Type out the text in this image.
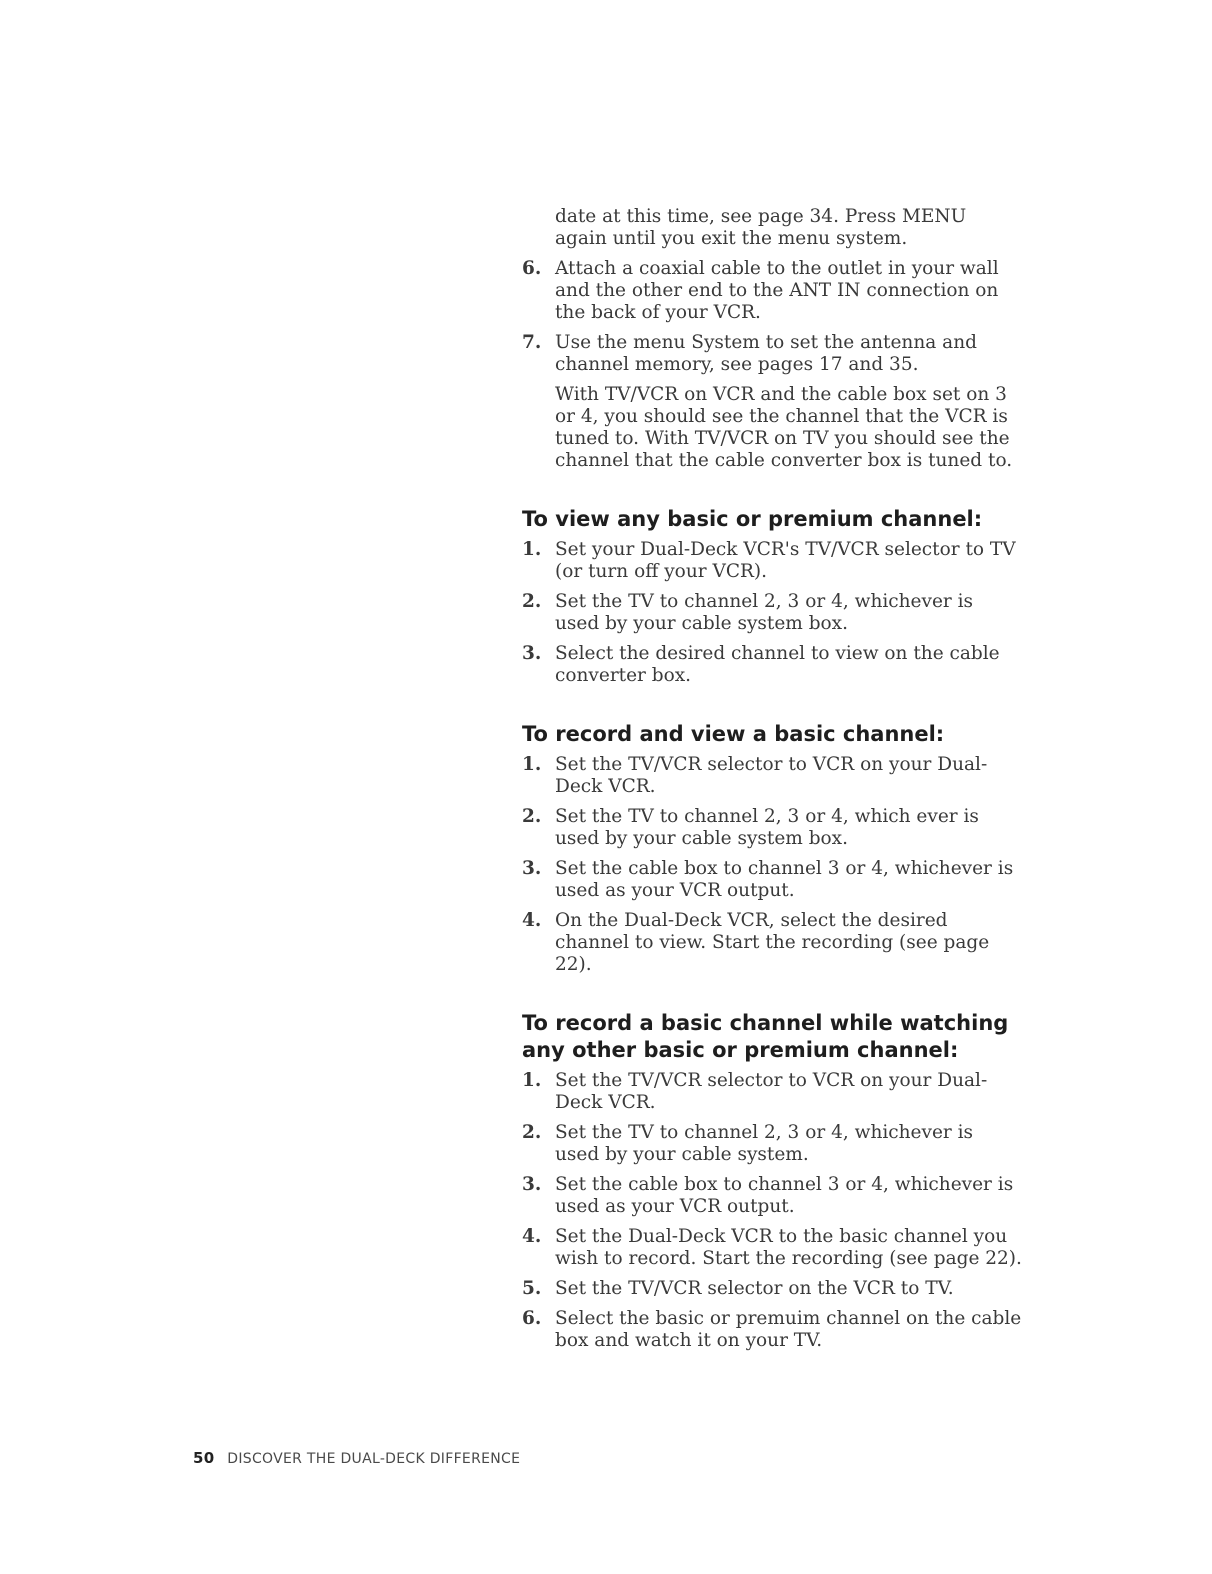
date at this time, see page 34. Press MENU again until you exit the menu system.

6. Attach a coaxial cable to the outlet in your wall and the other end to the ANT IN connection on the back of your VCR.
7. Use the menu System to set the antenna and channel memory, see pages 17 and 35.

With TV/VCR on VCR and the cable box set on 3 or 4, you should see the channel that the VCR is tuned to. With TV/VCR on TV you should see the channel that the cable converter box is tuned to.

To view any basic or premium channel:
1. Set your Dual-Deck VCR's TV/VCR selector to TV (or turn off your VCR).
2. Set the TV to channel 2, 3 or 4, whichever is used by your cable system box.
3. Select the desired channel to view on the cable converter box.
To record and view a basic channel:
1. Set the TV/VCR selector to VCR on your Dual-Deck VCR.
2. Set the TV to channel 2, 3 or 4, which ever is used by your cable system box.
3. Set the cable box to channel 3 or 4, whichever is used as your VCR output.
4. On the Dual-Deck VCR, select the desired channel to view. Start the recording (see page 22).
To record a basic channel while watching any other basic or premium channel:
1. Set the TV/VCR selector to VCR on your Dual-Deck VCR.
2. Set the TV to channel 2, 3 or 4, whichever is used by your cable system.
3. Set the cable box to channel 3 or 4, whichever is used as your VCR output.
4. Set the Dual-Deck VCR to the basic channel you wish to record. Start the recording (see page 22).
5. Set the TV/VCR selector on the VCR to TV.
6. Select the basic or premuim channel on the cable box and watch it on your TV.
50 DISCOVER THE DUAL-DECK DIFFERENCE
